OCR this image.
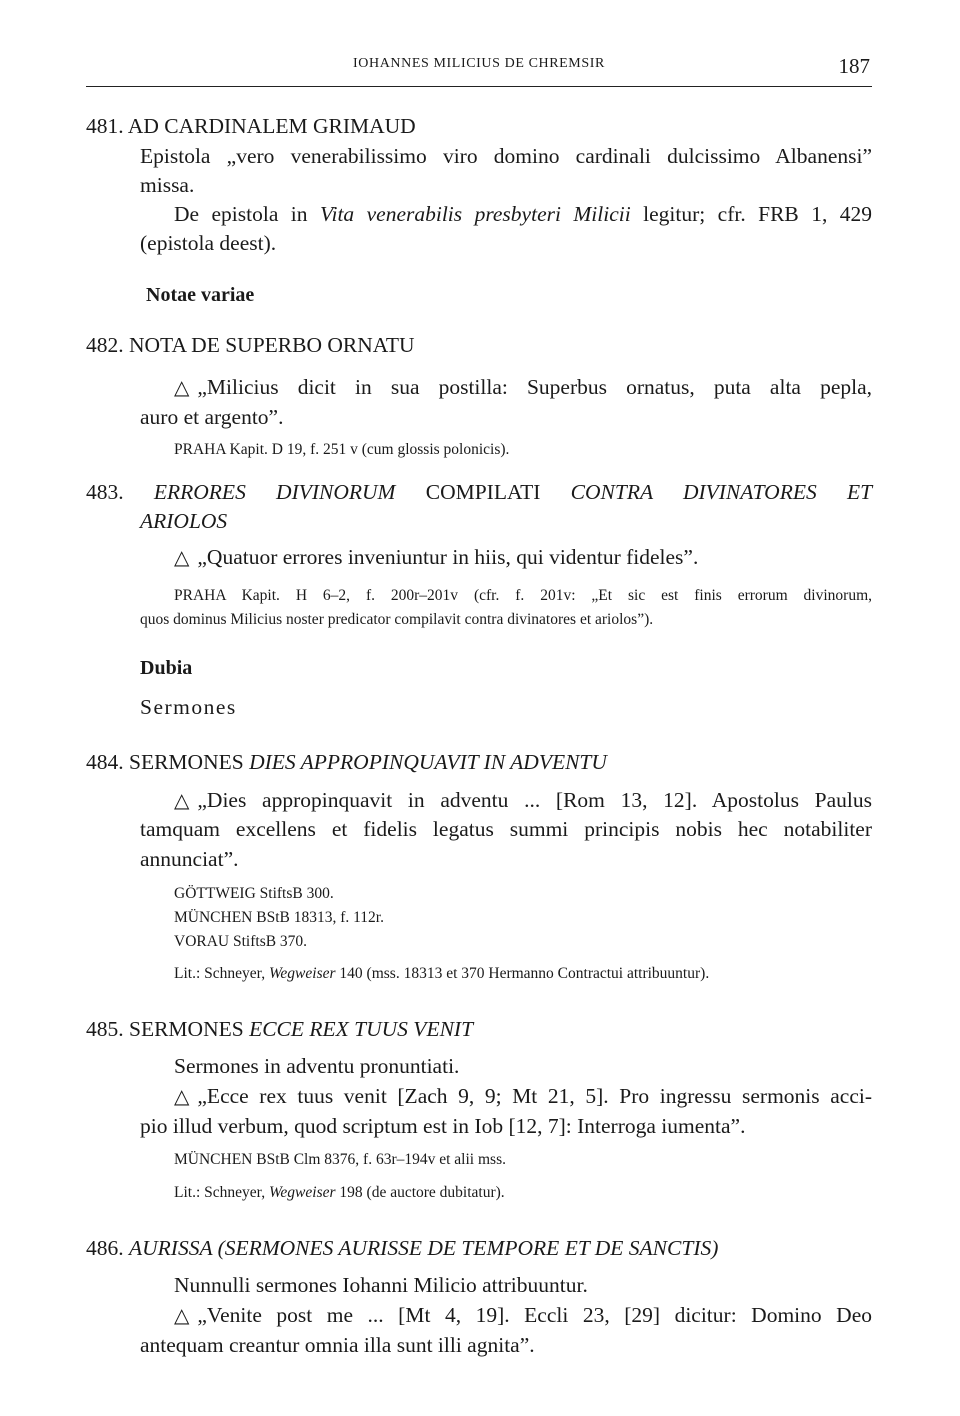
IOHANNES MILICIUS DE CHREMSIR	187
481. AD CARDINALEM GRIMAUD
Epistola „vero venerabilissimo viro domino cardinali dulcissimo Albanensi”
missa.
De epistola in Vita venerabilis presbyteri Milicii legitur; cfr. FRB 1, 429
(epistola deest).
Notae variae
482. NOTA DE SUPERBO ORNATU
△ „Milicius dicit in sua postilla: Superbus ornatus, puta alta pepla,
auro et argento”.
PRAHA Kapit. D 19, f. 251 v (cum glossis polonicis).
483. ERRORES DIVINORUM COMPILATI CONTRA DIVINATORES ET
ARIOLOS
△ „Quatuor errores inveniuntur in hiis, qui videntur fideles”.
PRAHA Kapit. H 6–2, f. 200r–201v (cfr. f. 201v: „Et sic est finis errorum divinorum,
quos dominus Milicius noster predicator compilavit contra divinatores et ariolos”).
Dubia
Sermones
484. SERMONES DIES APPROPINQUAVIT IN ADVENTU
△ „Dies appropinquavit in adventu ... [Rom 13, 12]. Apostolus Paulus
tamquam excellens et fidelis legatus summi principis nobis hec notabiliter
annunciat”.
GÖTTWEIG StiftsB 300.
MÜNCHEN BStB 18313, f. 112r.
VORAU StiftsB 370.
Lit.: Schneyer, Wegweiser 140 (mss. 18313 et 370 Hermanno Contractui attribuuntur).
485. SERMONES ECCE REX TUUS VENIT
Sermones in adventu pronuntiati.
△ „Ecce rex tuus venit [Zach 9, 9; Mt 21, 5]. Pro ingressu sermonis acci-
pio illud verbum, quod scriptum est in Iob [12, 7]: Interroga iumenta”.
MÜNCHEN BStB Clm 8376, f. 63r–194v et alii mss.
Lit.: Schneyer, Wegweiser 198 (de auctore dubitatur).
486. AURISSA (SERMONES AURISSE DE TEMPORE ET DE SANCTIS)
Nunnulli sermones Iohanni Milicio attribuuntur.
△ „Venite post me ... [Mt 4, 19]. Eccli 23, [29] dicitur: Domino Deo
antequam creantur omnia illa sunt illi agnita”.
